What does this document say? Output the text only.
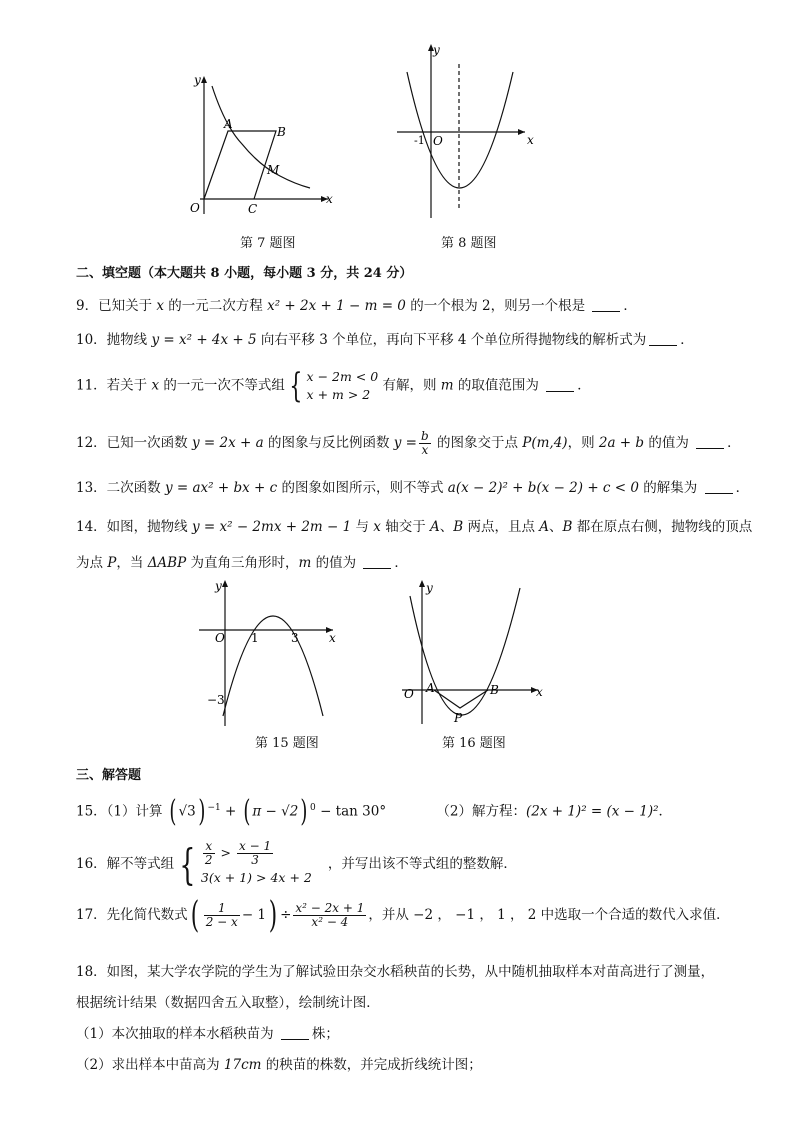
y
x
A
B
M
O	C
第 7 题图
y
x
-1 O
第 8 题图
二、填空题（本大题共 8 小题，每小题 3 分，共 24 分）
9．已知关于 x 的一元二次方程 x² + 2x + 1 − m = 0 的一个根为 2，则另一个根是	．
10．抛物线 y = x² + 4x + 5 向右平移 3 个单位，再向下平移 4 个单位所得抛物线的解析式为	．
11．若关于 x 的一元一次不等式组 { x − 2m < 0
x + m > 2 有解，则 m 的取值范围为	．
12．已知一次函数 y = 2x + a 的图象与反比例函数 $y = \frac{b}{x}$ 的图象交于点 P(m,4)，则 2a + b 的值为	．
13．二次函数 y = ax² + bx + c 的图象如图所示，则不等式 a(x − 2)² + b(x − 2) + c < 0 的解集为	．
14．如图，抛物线 y = x² − 2mx + 2m − 1 与 x 轴交于 A、B 两点，且点 A、B 都在原点右侧，抛物线的顶点
为点 P，当 ΔABP 为直角三角形时，m 的值为	．
y
x
O 1	3
−3
第 15 题图
y
x
O A	B
P
第 16 题图
三、解答题
15．（1）计算 ( √3) $^{-1}$ + ( π − √2) $^0$ − tan 30°	（2）解方程：(2x + 1)² = (x − 1)²．
16．解不等式组 { $\frac{x}{2} > \frac{x - 1}{3}$

3(x + 1) > 4x + 2，并写出该不等式组的整数解．
17．先化简代数式( $\frac{1}{2 - x} - 1) \div \frac{\text{x² − 2x + 1}}{\text{x² − 4}}$ ，并从 −2 ， −1 ， 1 ， 2 中选取一个合适的数代入求值．
18．如图，某大学农学院的学生为了解试验田杂交水稻秧苗的长势，从中随机抽取样本对苗高进行了测量，
根据统计结果（数据四舍五入取整），绘制统计图．
（1）本次抽取的样本水稻秧苗为	株；
（2）求出样本中苗高为 17cm 的秧苗的株数，并完成折线统计图；
